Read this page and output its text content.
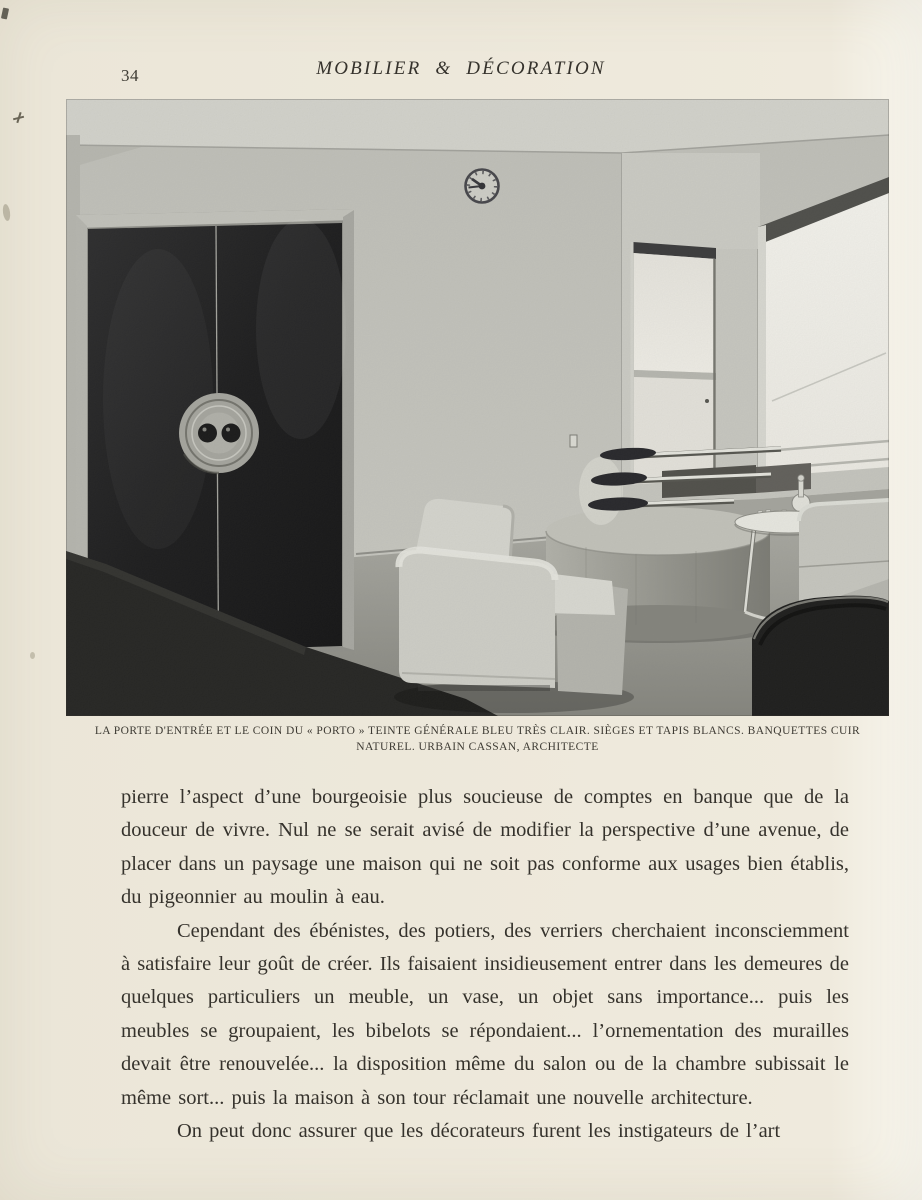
34	MOBILIER & DÉCORATION
LA PORTE D'ENTRÉE ET LE COIN DU « PORTO » TEINTE GÉNÉRALE BLEU TRÈS CLAIR. SIÈGES ET TAPIS BLANCS. BANQUETTES CUIR NATUREL. URBAIN CASSAN, ARCHITECTE

pierre l’aspect d’une bourgeoisie plus soucieuse de comptes en banque que de la douceur de vivre. Nul ne se serait avisé de modifier la perspective d’une avenue, de placer dans un paysage une maison qui ne soit pas conforme aux usages bien établis, du pigeonnier au moulin à eau.

Cependant des ébénistes, des potiers, des verriers cherchaient inconsciemment à satisfaire leur goût de créer. Ils faisaient insidieusement entrer dans les demeures de quelques particuliers un meuble, un vase, un objet sans importance... puis les meubles se groupaient, les bibelots se répondaient... l’ornementation des murailles devait être renouvelée... la disposition même du salon ou de la chambre subissait le même sort... puis la maison à son tour réclamait une nouvelle architecture.

On peut donc assurer que les décorateurs furent les instigateurs de l’art
